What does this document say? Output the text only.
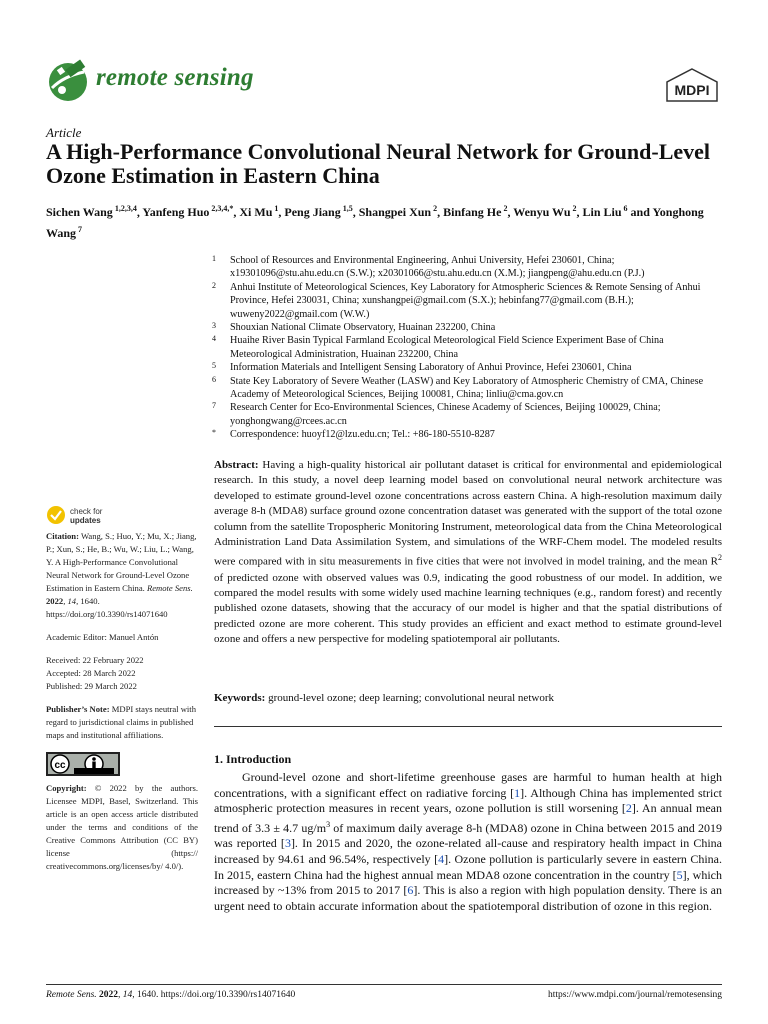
remote sensing	MDPI
Article
A High-Performance Convolutional Neural Network for Ground-Level Ozone Estimation in Eastern China
Sichen Wang $^{1,2,3,4}$, Yanfeng Huo $^{2,3,4,*}$, Xi Mu $^1$, Peng Jiang $^{1,5}$, Shangpei Xun $^2$, Binfang He $^2$, Wenyu Wu $^2$, Lin Liu $^6$ and Yonghong Wang $^7$
1	School of Resources and Environmental Engineering, Anhui University, Hefei 230601, China; x19301096@stu.ahu.edu.cn (S.W.); x20301066@stu.ahu.edu.cn (X.M.); jiangpeng@ahu.edu.cn (P.J.)
2	Anhui Institute of Meteorological Sciences, Key Laboratory for Atmospheric Sciences & Remote Sensing of Anhui Province, Hefei 230031, China; xunshangpei@gmail.com (S.X.); hebinfang77@gmail.com (B.H.); wuweny2022@gmail.com (W.W.)
3	Shouxian National Climate Observatory, Huainan 232200, China
4	Huaihe River Basin Typical Farmland Ecological Meteorological Field Science Experiment Base of China Meteorological Administration, Huainan 232200, China
5	Information Materials and Intelligent Sensing Laboratory of Anhui Province, Hefei 230601, China
6	State Key Laboratory of Severe Weather (LASW) and Key Laboratory of Atmospheric Chemistry of CMA, Chinese Academy of Meteorological Sciences, Beijing 100081, China; linliu@cma.gov.cn
7	Research Center for Eco-Environmental Sciences, Chinese Academy of Sciences, Beijing 100029, China; yonghongwang@rcees.ac.cn
*	Correspondence: huoyf12@lzu.edu.cn; Tel.: +86-180-5510-8287
check for
updates

Citation: Wang, S.; Huo, Y.; Mu, X.; Jiang, P.; Xun, S.; He, B.; Wu, W.; Liu, L.; Wang, Y. A High-Performance Convolutional Neural Network for Ground-Level Ozone Estimation in Eastern China. Remote Sens. 2022, 14, 1640. https://doi.org/10.3390/rs14071640

Academic Editor: Manuel Antón

Received: 22 February 2022
Accepted: 28 March 2022
Published: 29 March 2022

Publisher’s Note: MDPI stays neutral with regard to jurisdictional claims in published maps and institutional affiliations.

cc

Copyright: © 2022 by the authors. Licensee MDPI, Basel, Switzerland. This article is an open access article distributed under the terms and conditions of the Creative Commons Attribution (CC BY) license (https:// creativecommons.org/licenses/by/ 4.0/).

Abstract: Having a high-quality historical air pollutant dataset is critical for environmental and epidemiological research. In this study, a novel deep learning model based on convolutional neural network architecture was developed to estimate ground-level ozone concentrations across eastern China. A high-resolution maximum daily average 8-h (MDA8) surface ground ozone concentration dataset was generated with the support of the total ozone column from the satellite Tropospheric Monitoring Instrument, meteorological data from the China Meteorological Administration Land Data Assimilation System, and simulations of the WRF-Chem model. The modeled results were compared with in situ measurements in five cities that were not involved in model training, and the mean $R^2$ of predicted ozone with observed values was 0.9, indicating the good robustness of our model. In addition, we compared the model results with some widely used machine learning techniques (e.g., random forest) and recently published ozone datasets, showing that the accuracy of our model is higher and that the spatial distributions of predicted ozone are more coherent. This study provides an efficient and exact method to estimate ground-level ozone and offers a new perspective for modeling spatiotemporal air pollutants.
Keywords: ground-level ozone; deep learning; convolutional neural network
1. Introduction
Ground-level ozone and short-lifetime greenhouse gases are harmful to human health at high concentrations, with a significant effect on radiative forcing [1]. Although China has implemented strict atmospheric protection measures in recent years, ozone pollution is still worsening [2]. An annual mean trend of 3.3 ± 4.7 $ug/m^3$ of maximum daily average 8-h (MDA8) ozone in China between 2015 and 2019 was reported [3]. In 2015 and 2020, the ozone-related all-cause and respiratory health impact in China increased by 94.61 and 96.54%, respectively [4]. Ozone pollution is particularly severe in eastern China. In 2015, eastern China had the highest annual mean MDA8 ozone concentration in the country [5], which increased by ~13% from 2015 to 2017 [6]. This is also a region with high population density. There is an urgent need to obtain accurate information about the spatiotemporal distribution of ozone in this region.
Remote Sens. 2022, 14, 1640. https://doi.org/10.3390/rs14071640	https://www.mdpi.com/journal/remotesensing
